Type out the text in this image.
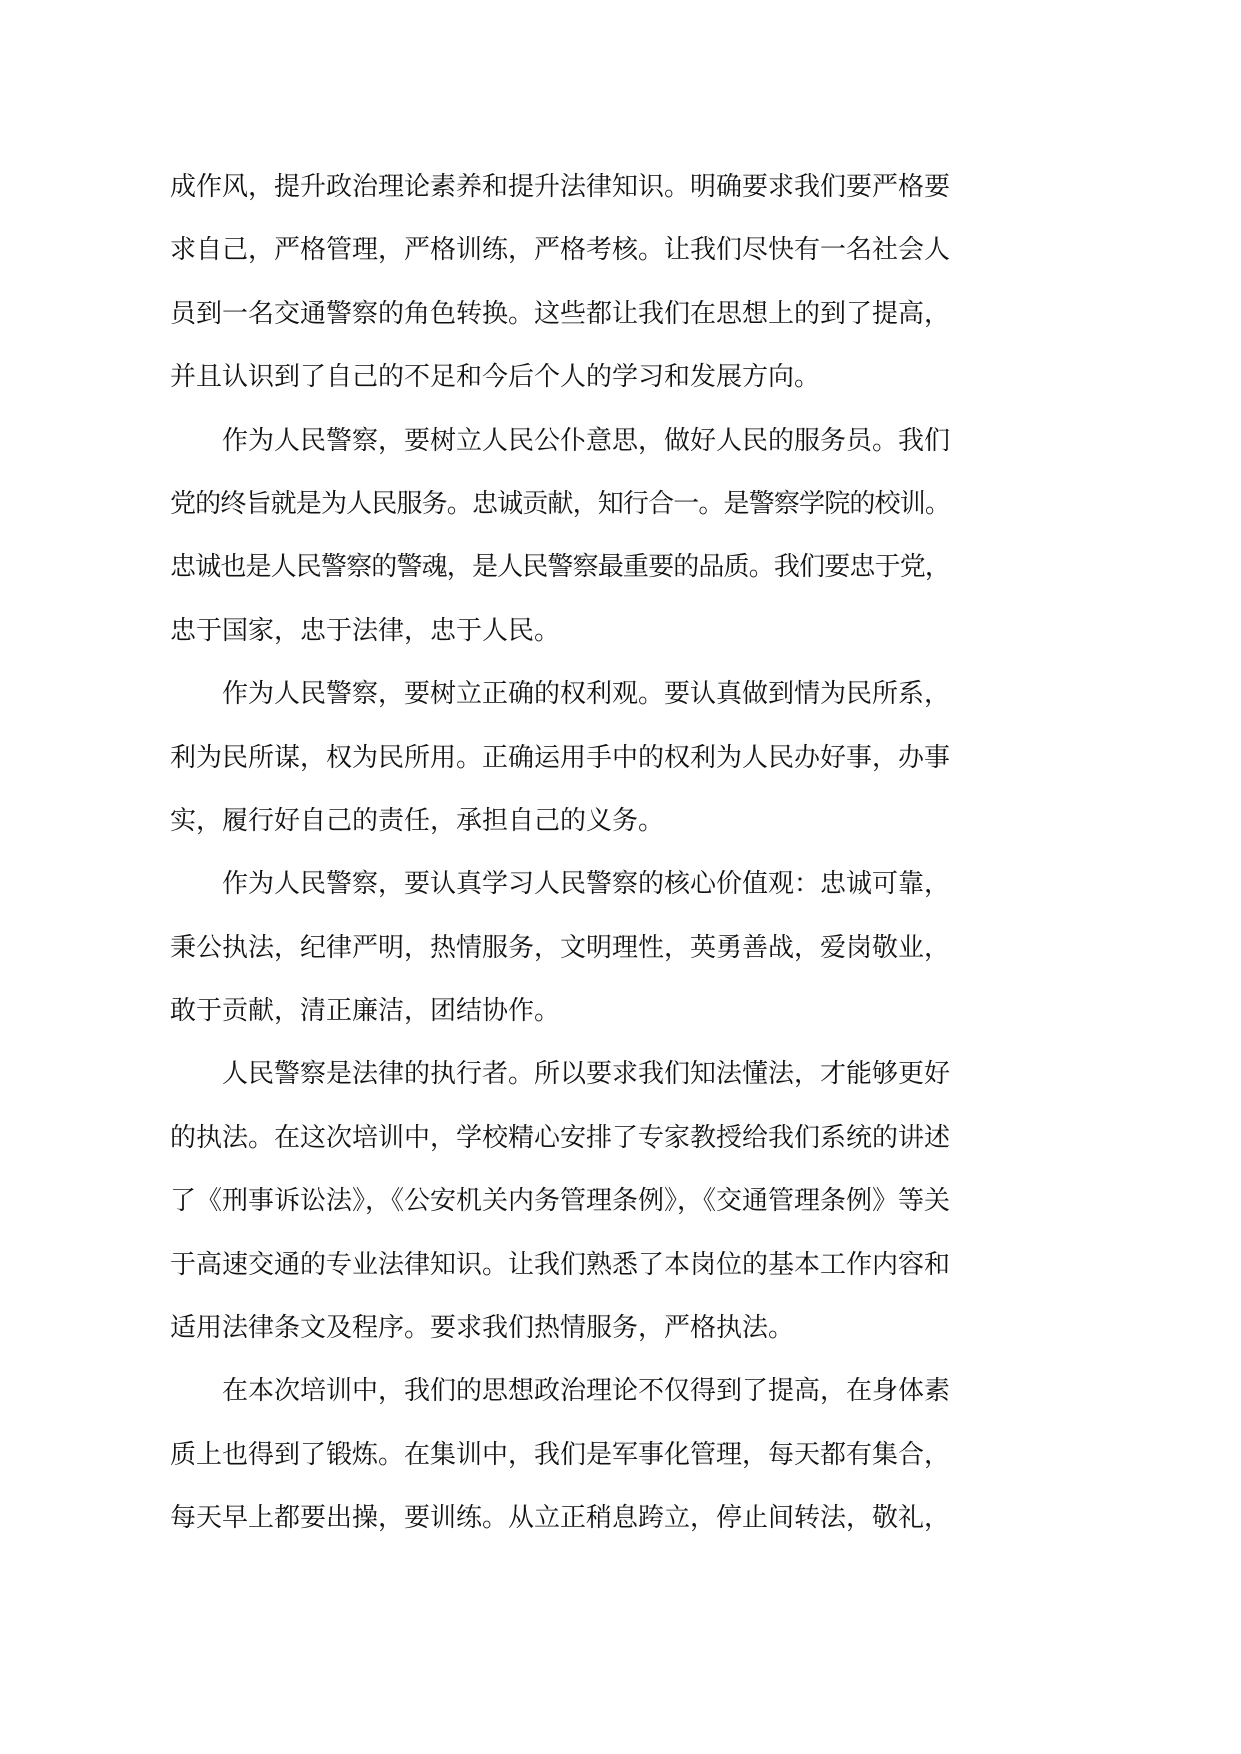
成作风，提升政治理论素养和提升法律知识。明确要求我们要严格要
求自己，严格管理，严格训练，严格考核。让我们尽快有一名社会人
员到一名交通警察的角色转换。这些都让我们在思想上的到了提高，
并且认识到了自己的不足和今后个人的学习和发展方向。
作为人民警察，要树立人民公仆意思，做好人民的服务员。我们
党的终旨就是为人民服务。忠诚贡献，知行合一。是警察学院的校训。
忠诚也是人民警察的警魂，是人民警察最重要的品质。我们要忠于党，
忠于国家，忠于法律，忠于人民。
作为人民警察，要树立正确的权利观。要认真做到情为民所系，
利为民所谋，权为民所用。正确运用手中的权利为人民办好事，办事
实，履行好自己的责任，承担自己的义务。
作为人民警察，要认真学习人民警察的核心价值观：忠诚可靠，
秉公执法，纪律严明，热情服务，文明理性，英勇善战，爱岗敬业，
敢于贡献，清正廉洁，团结协作。
人民警察是法律的执行者。所以要求我们知法懂法，才能够更好
的执法。在这次培训中，学校精心安排了专家教授给我们系统的讲述
了《刑事诉讼法》，《公安机关内务管理条例》，《交通管理条例》等关
于高速交通的专业法律知识。让我们熟悉了本岗位的基本工作内容和
适用法律条文及程序。要求我们热情服务，严格执法。
在本次培训中，我们的思想政治理论不仅得到了提高，在身体素
质上也得到了锻炼。在集训中，我们是军事化管理，每天都有集合，
每天早上都要出操，要训练。从立正稍息跨立，停止间转法，敬礼，
